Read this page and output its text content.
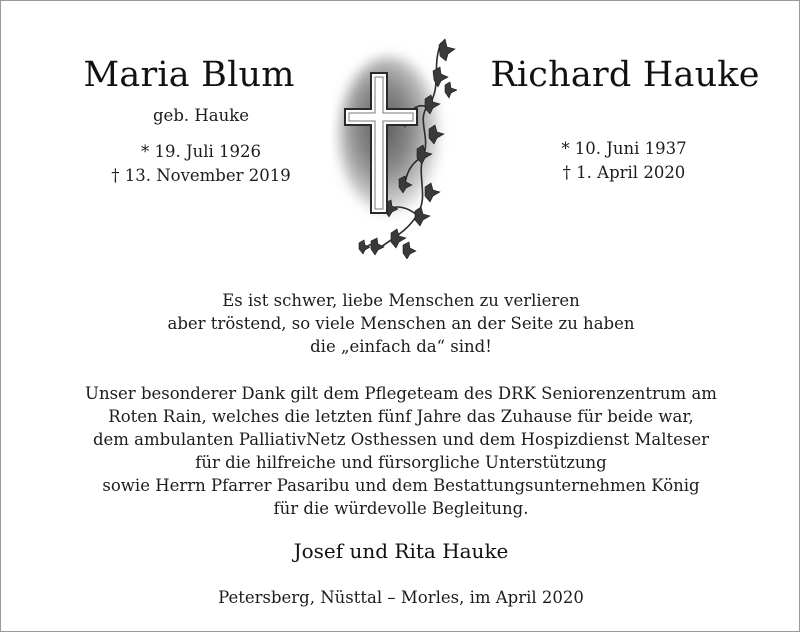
Maria Blum
geb. Hauke
* 19. Juli 1926
† 13. November 2019
Richard Hauke
* 10. Juni 1937
† 1. April 2020
Es ist schwer, liebe Menschen zu verlieren
aber tröstend, so viele Menschen an der Seite zu haben
die „einfach da“ sind!
Unser besonderer Dank gilt dem Pflegeteam des DRK Seniorenzentrum am
Roten Rain, welches die letzten fünf Jahre das Zuhause für beide war,
dem ambulanten PalliativNetz Osthessen und dem Hospizdienst Malteser
für die hilfreiche und fürsorgliche Unterstützung
sowie Herrn Pfarrer Pasaribu und dem Bestattungsunternehmen König
für die würdevolle Begleitung.
Josef und Rita Hauke
Petersberg, Nüsttal – Morles, im April 2020
